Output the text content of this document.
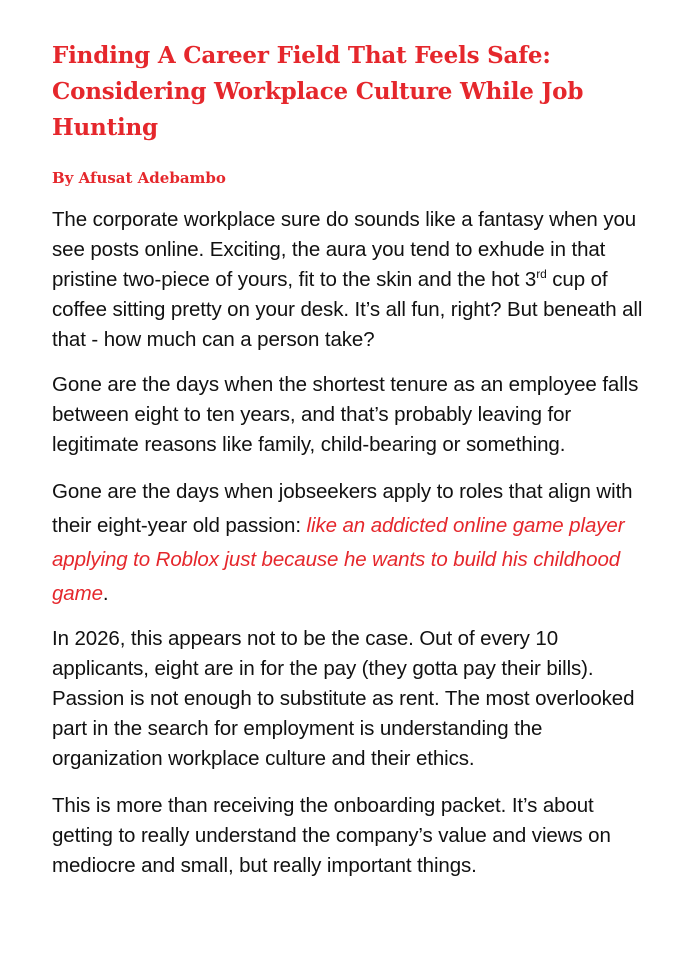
Finding A Career Field That Feels Safe: Considering Workplace Culture While Job Hunting
By Afusat Adebambo

The corporate workplace sure do sounds like a fantasy when you see posts online. Exciting, the aura you tend to exhude in that pristine two-piece of yours, fit to the skin and the hot 3rd cup of coffee sitting pretty on your desk. It’s all fun, right? But beneath all that - how much can a person take?

Gone are the days when the shortest tenure as an employee falls between eight to ten years, and that’s probably leaving for legitimate reasons like family, child-bearing or something.

Gone are the days when jobseekers apply to roles that align with their eight-year old passion: like an addicted online game player applying to Roblox just because he wants to build his childhood game.

In 2026, this appears not to be the case. Out of every 10 applicants, eight are in for the pay (they gotta pay their bills). Passion is not enough to substitute as rent. The most overlooked part in the search for employment is understanding the organization workplace culture and their ethics.

This is more than receiving the onboarding packet. It’s about getting to really understand the company’s value and views on mediocre and small, but really important things.
